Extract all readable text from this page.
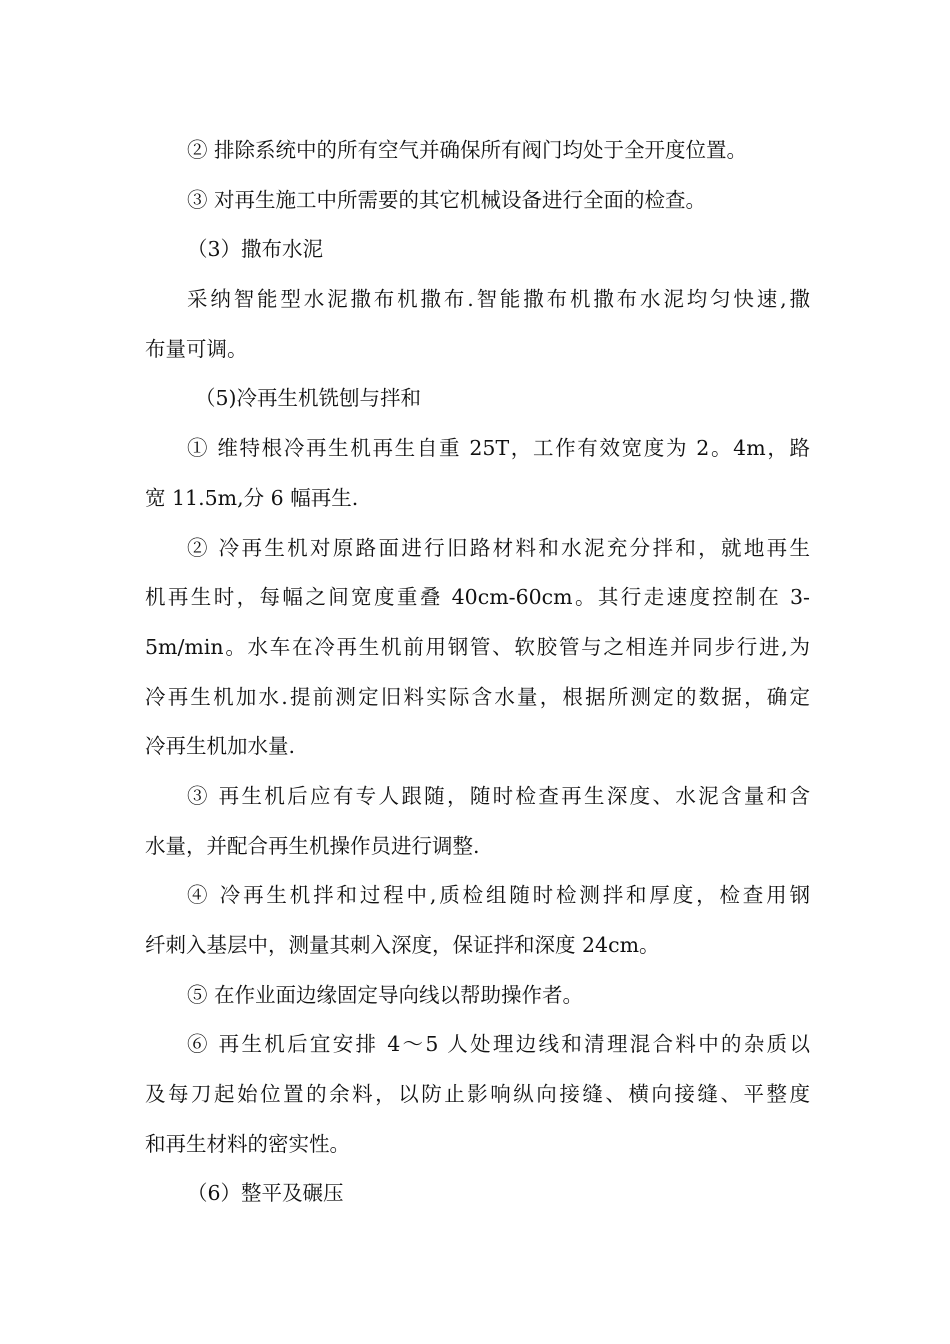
② 排除系统中的所有空气并确保所有阀门均处于全开度位置。
③ 对再生施工中所需要的其它机械设备进行全面的检查。
（3）撒布水泥
采纳智能型水泥撒布机撒布.智能撒布机撒布水泥均匀快速,撒
布量可调。
（5)冷再生机铣刨与拌和
① 维特根冷再生机再生自重 25T，工作有效宽度为 2。4m，路
宽 11.5m,分 6 幅再生.
② 冷再生机对原路面进行旧路材料和水泥充分拌和，就地再生
机再生时，每幅之间宽度重叠 40cm-60cm。其行走速度控制在 3-
5m/min。水车在冷再生机前用钢管、软胶管与之相连并同步行进,为
冷再生机加水.提前测定旧料实际含水量，根据所测定的数据，确定
冷再生机加水量.
③ 再生机后应有专人跟随，随时检查再生深度、水泥含量和含
水量，并配合再生机操作员进行调整.
④ 冷再生机拌和过程中,质检组随时检测拌和厚度，检查用钢
纤刺入基层中，测量其刺入深度，保证拌和深度 24cm。
⑤ 在作业面边缘固定导向线以帮助操作者。
⑥ 再生机后宜安排 4～5 人处理边线和清理混合料中的杂质以
及每刀起始位置的余料，以防止影响纵向接缝、横向接缝、平整度
和再生材料的密实性。
（6）整平及碾压
